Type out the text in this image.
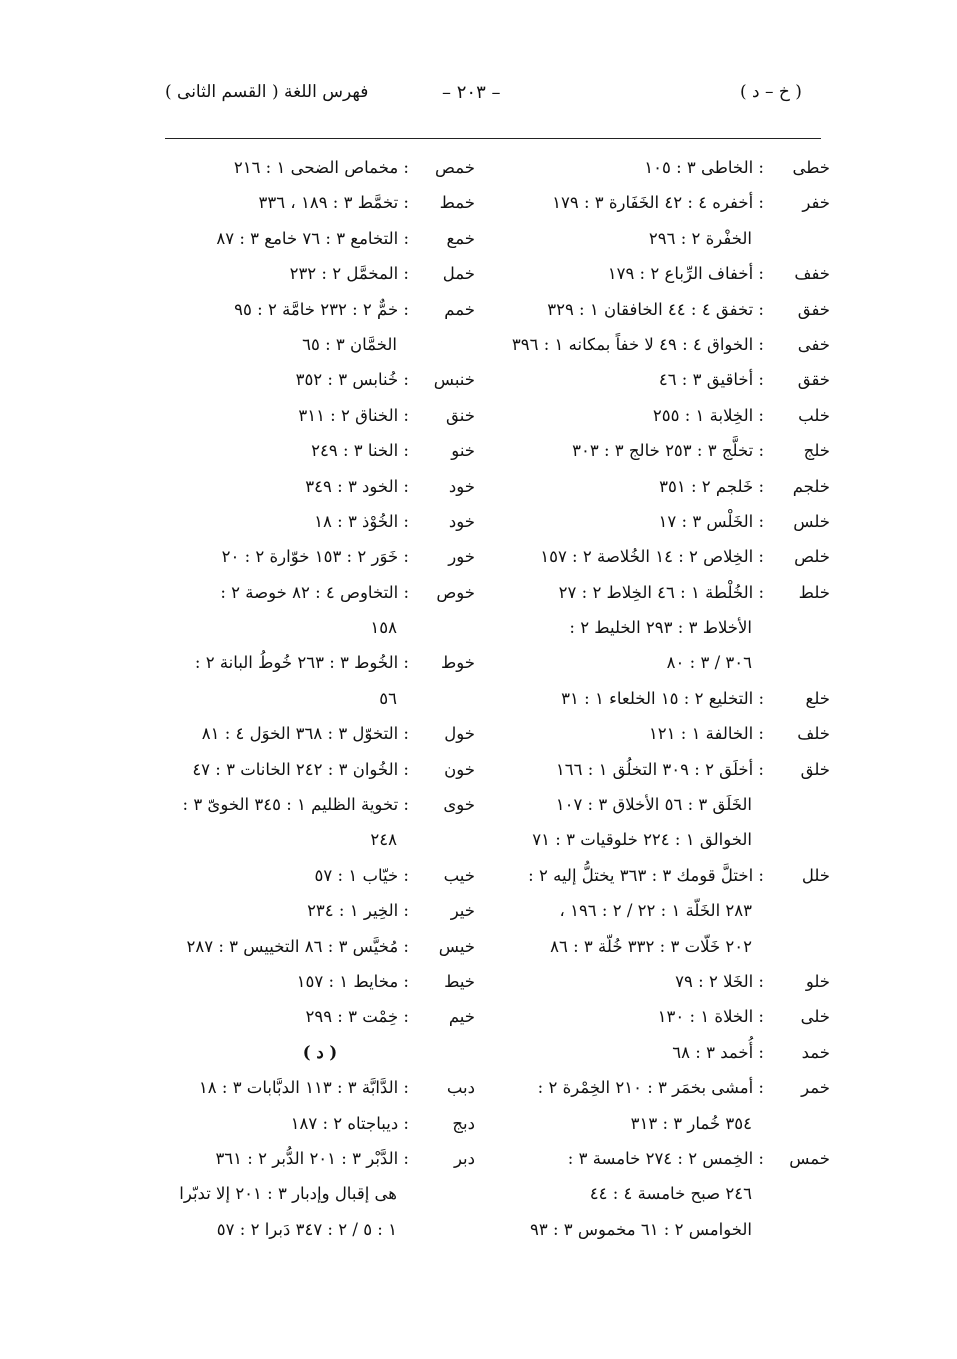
( خ – د )
– ٢٠٣ –
فهرس اللغة ( القسم الثانى )
خطى
: الخاطى ٣ : ١٠٥
خفر
: أخفره ٤ : ٤٢ الخَفَارة ٣ : ١٧٩
الخفْرة ٢ : ٢٩٦
خفف
: أخفاف الرِّباع ٢ : ١٧٩
خفق
: تخفق ٤ : ٤٤ الخافقان ١ : ٣٢٩
خفى
: الخواق ٤ : ٤٩ لا خفاً بمكانه ١ : ٣٩٦
خقق
: أخاقيق ٣ : ٤٦
خلب
: الخِلابة ١ : ٢٥٥
خلج
: تخلَّج ٣ : ٢٥٣ خالج ٣ : ٣٠٣
خلجم
: خَلجم ٢ : ٣٥١
خلس
: الخَلْس ٣ : ١٧
خلص
: الخِلاص ٢ : ١٤ الخُلاصة ٢ : ١٥٧
خلط
: الخُلْطة ١ : ٤٦ الخِلاط ٢ : ٢٧
الأخلاط ٣ : ٢٩٣ الخليط ٢ :
٣٠٦ / ٣ : ٨٠
خلع
: التخليع ٢ : ١٥ الخلعاء ١ : ٣١
خلف
: الخالفة ١ : ١٢١
خلق
: أخلَق ٢ : ٣٠٩ التخلُق ١ : ١٦٦
الخَلَق ٣ : ٥٦ الأخلاق ٣ : ١٠٧
الخوالق ١ : ٢٢٤ خلوقيات ٣ : ٧١
خلل
: اختلَّ قومك ٣ : ٣٦٣ يختلُّ إليه ٢ :
٢٨٣ الخَلّة ١ : ٢٢ / ٢ : ١٩٦ ،
٢٠٢ خَلّات ٣ : ٣٣٢ خُلّة ٣ : ٨٦
خلو
: الخَلا ٢ : ٧٩
خلى
: الخلاة ١ : ١٣٠
خمد
: أُخمد ٣ : ٦٨
خمر
: أمشى بخمَر ٣ : ٢١٠ الخِمْرة ٢ :
٣٥٤ خُمار ٣ : ٣١٣
خمس
: الخِمس ٢ : ٢٧٤ خامسة ٣ :
٢٤٦ صبح خامسة ٤ : ٤٤
الخوامس ٢ : ٦١ مخموس ٣ : ٩٣
خمص
: مخماص الضحى ١ : ٢١٦
خمط
: تخمَّط ٣ : ١٨٩ ، ٣٣٦
خمع
: التخامع ٣ : ٧٦ خامع ٣ : ٨٧
خمل
: المخمَّل ٢ : ٢٣٢
خمم
: خمٌّ ٢ : ٢٣٢ خامَّة ٢ : ٩٥
الخمَّان ٣ : ٦٥
خنبس
: خُنابس ٣ : ٣٥٢
خنق
: الخناق ٢ : ٣١١
خنو
: الخنا ٣ : ٢٤٩
خود
: الخود ٣ : ٣٤٩
خود
: الخُوْذ ٣ : ١٨
خور
: خَوَر ٢ : ١٥٣ خوّارة ٢ : ٢٠
خوص
: التخاوص ٤ : ٨٢ خوصة ٢ :
١٥٨
خوط
: الخُوط ٣ : ٢٦٣ خُوطُ البانة ٢ :
٥٦
خول
: التخوّل ٣ : ٣٦٨ الخوَل ٤ : ٨١
خون
: الخُوان ٣ : ٢٤٢ الخانات ٣ : ٤٧
خوى
: تخوية الظليم ١ : ٣٤٥ الخوىّ ٣ :
٢٤٨
خيب
: خيّاب ١ : ٥٧
خير
: الخِير ١ : ٢٣٤
خيس
: مُخيَّس ٣ : ٨٦ التخييس ٣ : ٢٨٧
خيط
: مخايط ١ : ١٥٧
خيم
: خِمْت ٣ : ٢٩٩
( د )
دبب
: الدَّابَّة ٣ : ١١٣ الدبَّابات ٣ : ١٨
دبج
: ديباجتاه ٢ : ١٨٧
دبر
: الدَّبْر ٣ : ٢٠١ الدُّبر ٢ : ٣٦١
هى إقبال وإدبار ٣ : ٢٠١ إلا تدبّرا
١ : ٥ / ٢ : ٣٤٧ دَبرا ٢ : ٥٧
